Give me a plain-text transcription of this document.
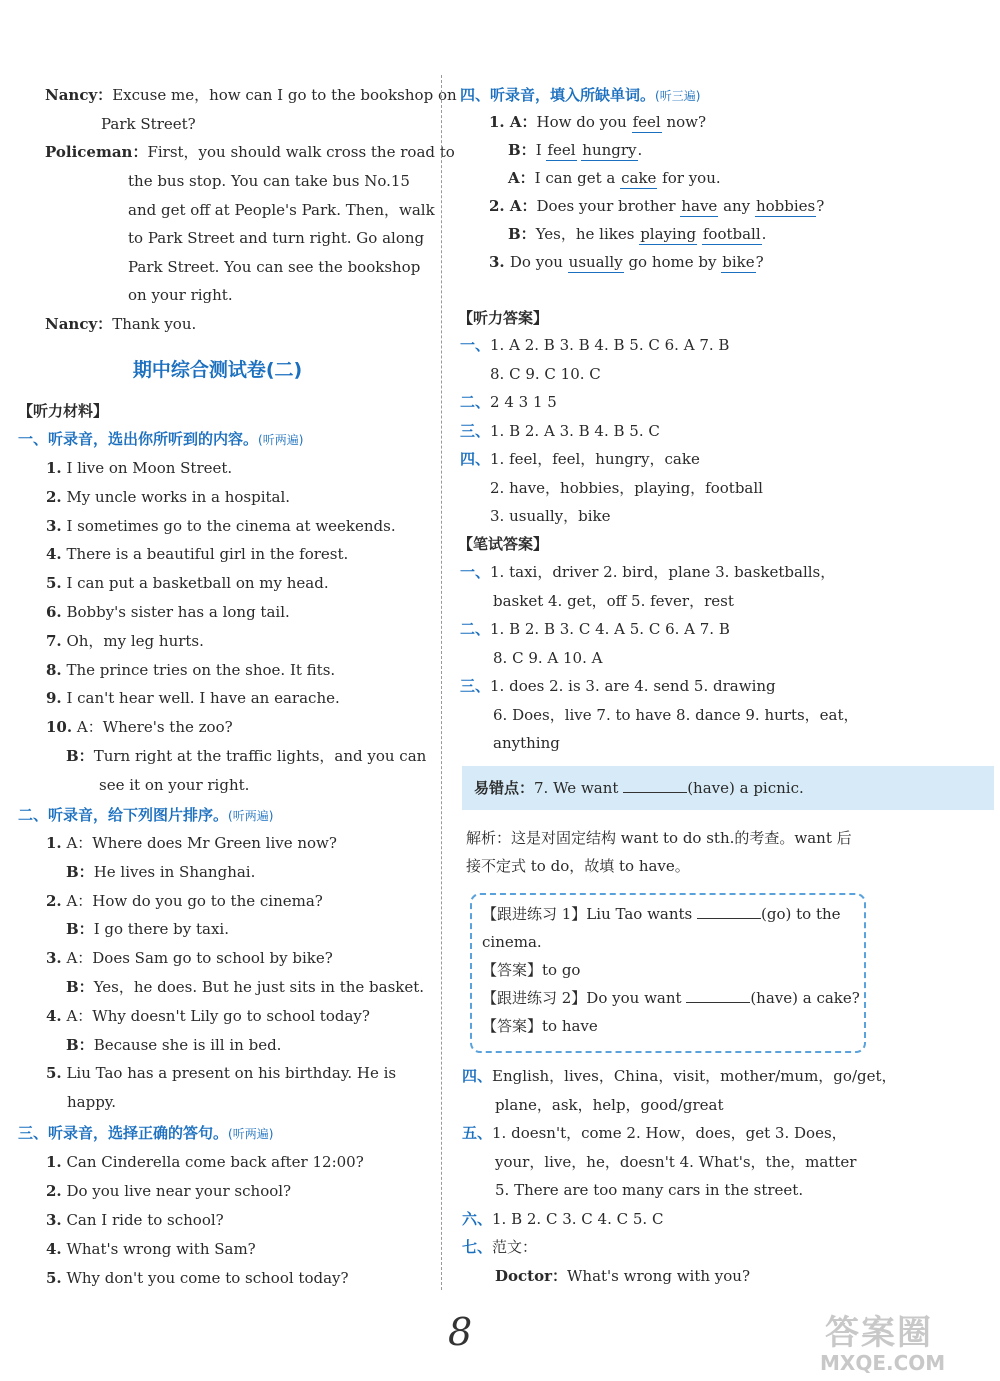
Nancy：Excuse me，how can I go to the bookshop on
Park Street?
Policeman：First，you should walk cross the road to
the bus stop. You can take bus No.15
and get off at People's Park. Then，walk
to Park Street and turn right. Go along
Park Street. You can see the bookshop
on your right.
Nancy：Thank you.
期中综合测试卷(二)
【听力材料】
一、听录音，选出你所听到的内容。(听两遍)
1. I live on Moon Street.
2. My uncle works in a hospital.
3. I sometimes go to the cinema at weekends.
4. There is a beautiful girl in the forest.
5. I can put a basketball on my head.
6. Bobby's sister has a long tail.
7. Oh，my leg hurts.
8. The prince tries on the shoe. It fits.
9. I can't hear well. I have an earache.
10. A：Where's the zoo?
B：Turn right at the traffic lights，and you can
see it on your right.
二、听录音，给下列图片排序。(听两遍)
1. A：Where does Mr Green live now?
B：He lives in Shanghai.
2. A：How do you go to the cinema?
B：I go there by taxi.
3. A：Does Sam go to school by bike?
B：Yes，he does. But he just sits in the basket.
4. A：Why doesn't Lily go to school today?
B：Because she is ill in bed.
5. Liu Tao has a present on his birthday. He is
happy.
三、听录音，选择正确的答句。(听两遍)
1. Can Cinderella come back after 12:00?
2. Do you live near your school?
3. Can I ride to school?
4. What's wrong with Sam?
5. Why don't you come to school today?
四、听录音，填入所缺单词。(听三遍)
1. A：How do you feel now?
B：I feel hungry.
A：I can get a cake for you.
2. A：Does your brother have any hobbies?
B：Yes，he likes playing football.
3. Do you usually go home by bike?
【听力答案】
一、1. A 2. B 3. B 4. B 5. C 6. A 7. B
8. C 9. C 10. C
二、2 4 3 1 5
三、1. B 2. A 3. B 4. B 5. C
四、1. feel，feel，hungry，cake
2. have，hobbies，playing，football
3. usually，bike
【笔试答案】
一、1. taxi，driver 2. bird，plane 3. basketballs，
basket 4. get，off 5. fever，rest
二、1. B 2. B 3. C 4. A 5. C 6. A 7. B
8. C 9. A 10. A
三、1. does 2. is 3. are 4. send 5. drawing
6. Does，live 7. to have 8. dance 9. hurts，eat，
anything
易错点：7. We want	(have) a picnic.
解析：这是对固定结构 want to do sth.的考查。want 后
接不定式 to do，故填 to have。
【跟进练习 1】Liu Tao wants	(go) to the
cinema.
【答案】to go
【跟进练习 2】Do you want	(have) a cake?
【答案】to have
四、English，lives，China，visit，mother/mum，go/get，
plane，ask，help，good/great
五、1. doesn't，come 2. How，does，get 3. Does，
your，live，he，doesn't 4. What's，the，matter
5. There are too many cars in the street.
六、1. B 2. C 3. C 4. C 5. C
七、范文：
Doctor：What's wrong with you?
8	答案圈
MXQE.COM
